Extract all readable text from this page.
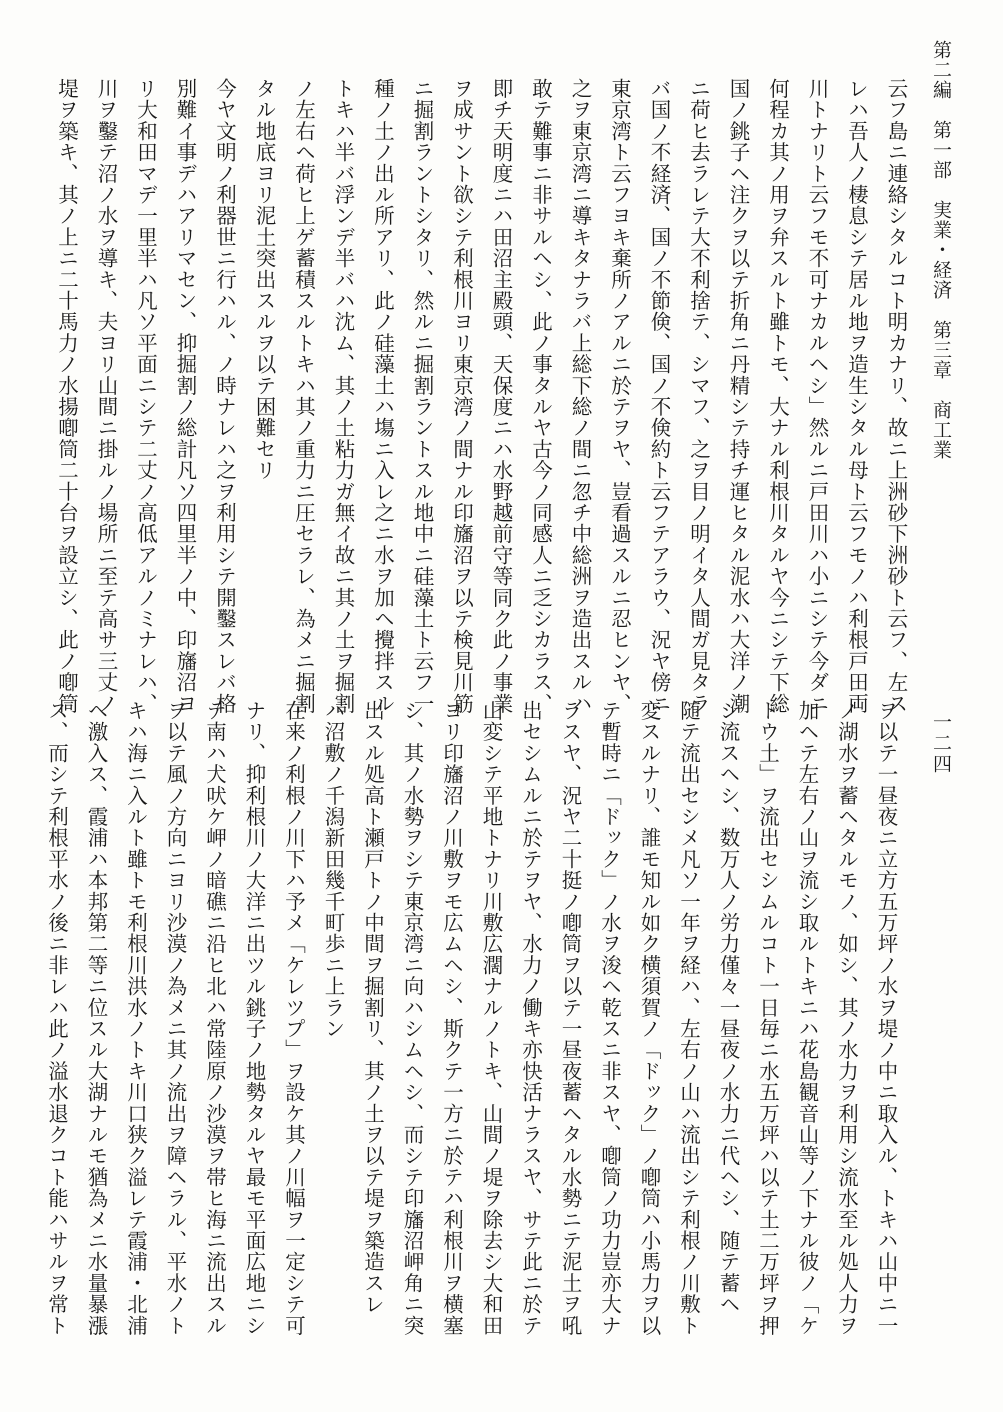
第二編　第一部　実業・経済　第三章　商工業
一二四
云フ島ニ連絡シタルコト明カナリ、故ニ上洲砂下洲砂ト云フ、左ス
レハ吾人ノ棲息シテ居ル地ヲ造生シタル母ト云フモノハ利根戸田両
川トナリト云フモ不可ナカルヘシ」然ルニ戸田川ハ小ニシテ今ダニ
何程カ其ノ用ヲ弁スルト雖トモ、大ナル利根川タルヤ今ニシテ下総
国ノ銚子ヘ注クヲ以テ折角ニ丹精シテ持チ運ヒタル泥水ハ大洋ノ潮
ニ荷ヒ去ラレテ大不利捨テ、シマフ、之ヲ目ノ明イタ人間ガ見タラ
バ国ノ不経済、国ノ不節倹、国ノ不倹約ト云フテアラウ、況ヤ傍ニ
東京湾ト云フヨキ棄所ノアルニ於テヲヤ、豈看過スルニ忍ヒンヤ、
之ヲ東京湾ニ導キタナラバ上総下総ノ間ニ忽チ中総洲ヲ造出スルハ
敢テ難事ニ非サルヘシ、此ノ事タルヤ古今ノ同感人ニ乏シカラス、
即チ天明度ニハ田沼主殿頭、天保度ニハ水野越前守等同ク此ノ事業
ヲ成サント欲シテ利根川ヨリ東京湾ノ間ナル印旛沼ヲ以テ検見川筋
ニ掘割ラントシタリ、然ルニ掘割ラントスル地中ニ硅藻土ト云フ一
種ノ土ノ出ル所アリ、此ノ硅藻土ハ塲ニ入レ之ニ水ヲ加ヘ攪拌スル
トキハ半バ浮ンデ半バハ沈ム、其ノ土粘力ガ無イ故ニ其ノ土ヲ掘割
ノ左右ヘ荷ヒ上ゲ蓄積スルトキハ其ノ重力ニ圧セラレ、為メニ掘割
タル地底ヨリ泥土突出スルヲ以テ困難セリ
今ヤ文明ノ利器世ニ行ハル、ノ時ナレハ之ヲ利用シテ開鑿スレバ格
別難イ事デハアリマセン、抑掘割ノ総計凡ソ四里半ノ中、印旛沼ヨ
リ大和田マデ一里半ハ凡ソ平面ニシテ二丈ノ高低アルノミナレハ、
川ヲ鑿テ沼ノ水ヲ導キ、夫ヨリ山間ニ掛ルノ場所ニ至テ高サ三丈ノ
堤ヲ築キ、其ノ上ニ二十馬力ノ水揚喞筒二十台ヲ設立シ、此ノ喞筒
ヲ以テ一昼夜ニ立方五万坪ノ水ヲ堤ノ中ニ取入ル、トキハ山中ニ一
ノ湖水ヲ蓄ヘタルモノ、如シ、其ノ水力ヲ利用シ流水至ル処人力ヲ
加ヘテ左右ノ山ヲ流シ取ルトキニハ花島観音山等ノ下ナル彼ノ「ケ
トウ土」ヲ流出セシムルコト一日毎ニ水五万坪ハ以テ土二万坪ヲ押
シ流スヘシ、数万人ノ労力僅々一昼夜ノ水力ニ代ヘシ、随テ蓄ヘ
随テ流出セシメ凡ソ一年ヲ経ハ、左右ノ山ハ流出シテ利根ノ川敷ト
変スルナリ、誰モ知ル如ク横須賀ノ「ドック」ノ喞筒ハ小馬力ヲ以
テ暫時ニ「ドック」ノ水ヲ浚ヘ乾スニ非スヤ、喞筒ノ功力豈亦大ナ
ラスヤ、況ヤ二十挺ノ喞筒ヲ以テ一昼夜蓄ヘタル水勢ニテ泥土ヲ吼
出セシムルニ於テヲヤ、水力ノ働キ亦快活ナラスヤ、サテ此ニ於テ
山変シテ平地トナリ川敷広濶ナルノトキ、山間ノ堤ヲ除去シ大和田
ヨリ印旛沼ノ川敷ヲモ広ムヘシ、斯クテ一方ニ於テハ利根川ヲ横塞
シ、其ノ水勢ヲシテ東京湾ニ向ハシムヘシ、而シテ印旛沼岬角ニ突
出スル処高ト瀬戸トノ中間ヲ掘割リ、其ノ土ヲ以テ堤ヲ築造スレ
ハ沼敷ノ千潟新田幾千町歩ニ上ラン
在来ノ利根ノ川下ハ予メ「ケレツプ」ヲ設ケ其ノ川幅ヲ一定シテ可
ナリ、抑利根川ノ大洋ニ出ツル銚子ノ地勢タルヤ最モ平面広地ニシ
テ南ハ犬吠ケ岬ノ暗礁ニ沿ヒ北ハ常陸原ノ沙漠ヲ帯ヒ海ニ流出スル
ヲ以テ風ノ方向ニヨリ沙漠ノ為メニ其ノ流出ヲ障ヘラル、平水ノト
キハ海ニ入ルト雖トモ利根川洪水ノトキ川口狭ク溢レテ霞浦・北浦
ヘ激入ス、霞浦ハ本邦第二等ニ位スル大湖ナルモ猶為メニ水量暴漲
ス、而シテ利根平水ノ後ニ非レハ此ノ溢水退クコト能ハサルヲ常ト
